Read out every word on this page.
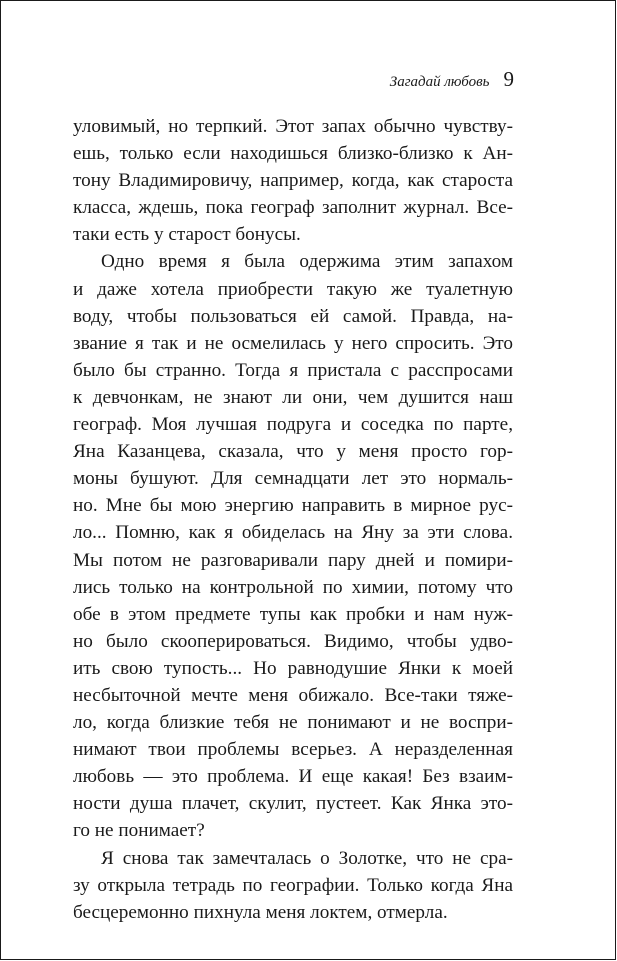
Загадай любовь 9
уловимый, но терпкий. Этот запах обычно чувству-
ешь, только если находишься близко-близко к Ан-
тону Владимировичу, например, когда, как староста
класса, ждешь, пока географ заполнит журнал. Все-
таки есть у старост бонусы.
Одно время я была одержима этим запахом
и даже хотела приобрести такую же туалетную
воду, чтобы пользоваться ей самой. Правда, на-
звание я так и не осмелилась у него спросить. Это
было бы странно. Тогда я пристала с расспросами
к девчонкам, не знают ли они, чем душится наш
географ. Моя лучшая подруга и соседка по парте,
Яна Казанцева, сказала, что у меня просто гор-
моны бушуют. Для семнадцати лет это нормаль-
но. Мне бы мою энергию направить в мирное рус-
ло... Помню, как я обиделась на Яну за эти слова.
Мы потом не разговаривали пару дней и помири-
лись только на контрольной по химии, потому что
обе в этом предмете тупы как пробки и нам нуж-
но было скооперироваться. Видимо, чтобы удво-
ить свою тупость... Но равнодушие Янки к моей
несбыточной мечте меня обижало. Все-таки тяже-
ло, когда близкие тебя не понимают и не воспри-
нимают твои проблемы всерьез. А неразделенная
любовь — это проблема. И еще какая! Без взаим-
ности душа плачет, скулит, пустеет. Как Янка это-
го не понимает?
Я снова так замечталась о Золотке, что не сра-
зу открыла тетрадь по географии. Только когда Яна
бесцеремонно пихнула меня локтем, отмерла.
